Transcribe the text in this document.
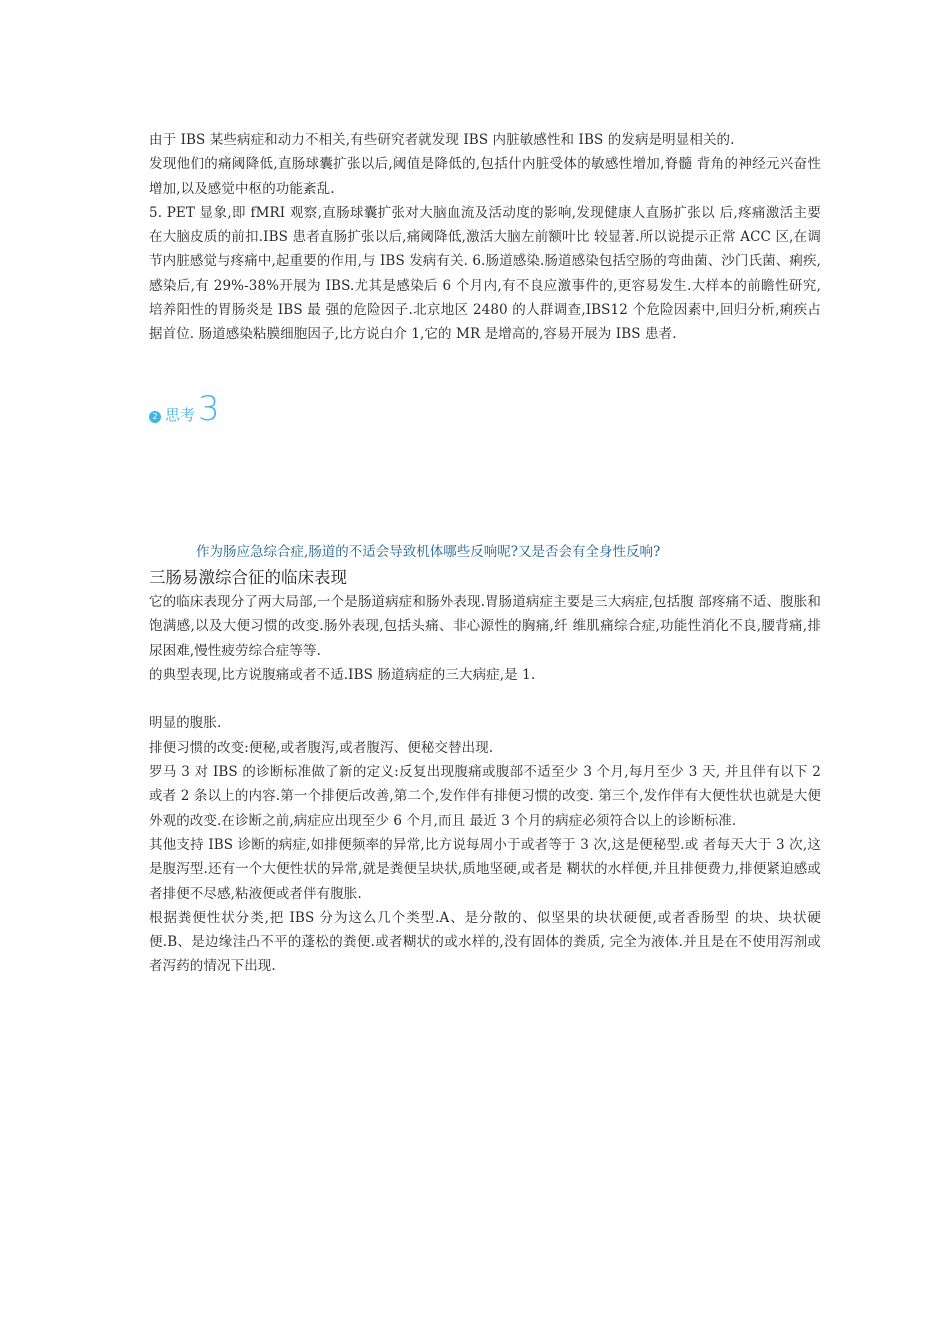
由于 IBS 某些病症和动力不相关,有些研究者就发现 IBS 内脏敏感性和 IBS 的发病是明显相关的.

发现他们的痛阈降低,直肠球囊扩张以后,阈值是降低的,包括什内脏受体的敏感性增加,脊髓 背角的神经元兴奋性增加,以及感觉中枢的功能紊乱.

5. PET 显象,即 fMRI 观察,直肠球囊扩张对大脑血流及活动度的影响,发现健康人直肠扩张以 后,疼痛激活主要在大脑皮质的前扣.IBS 患者直肠扩张以后,痛阈降低,激活大脑左前额叶比 较显著.所以说提示正常 ACC 区,在调节内脏感觉与疼痛中,起重要的作用,与 IBS 发病有关. 6.肠道感染.肠道感染包括空肠的弯曲菌、沙门氏菌、痢疾,感染后,有 29%-38%开展为 IBS.尤其是感染后 6 个月内,有不良应激事件的,更容易发生.大样本的前瞻性研究,培养阳性的胃肠炎是 IBS 最 强的危险因子.北京地区 2480 的人群调查,IBS12 个危险因素中,回归分析,痢疾占据首位. 肠道感染粘膜细胞因子,比方说白介 1,它的 MR 是增高的,容易开展为 IBS 患者.

2 思考 3
作为肠应急综合症,肠道的不适会导致机体哪些反响呢?又是否会有全身性反响?
三肠易激综合征的临床表现

它的临床表现分了两大局部,一个是肠道病症和肠外表现.胃肠道病症主要是三大病症,包括腹 部疼痛不适、腹胀和饱满感,以及大便习惯的改变.肠外表现,包括头痛、非心源性的胸痛,纤 维肌痛综合症,功能性消化不良,腰背痛,排尿困难,慢性疲劳综合症等等.

的典型表现,比方说腹痛或者不适.IBS 肠道病症的三大病症,是 1.

明显的腹胀.

排便习惯的改变:便秘,或者腹泻,或者腹泻、便秘交替出现.

罗马 3 对 IBS 的诊断标准做了新的定义:反复出现腹痛或腹部不适至少 3 个月,每月至少 3 天, 并且伴有以下 2 或者 2 条以上的内容.第一个排便后改善,第二个,发作伴有排便习惯的改变. 第三个,发作伴有大便性状也就是大便外观的改变.在诊断之前,病症应出现至少 6 个月,而且 最近 3 个月的病症必须符合以上的诊断标准.

其他支持 IBS 诊断的病症,如排便频率的异常,比方说每周小于或者等于 3 次,这是便秘型.或 者每天大于 3 次,这是腹泻型.还有一个大便性状的异常,就是粪便呈块状,质地坚硬,或者是 糊状的水样便,并且排便费力,排便紧迫感或者排便不尽感,粘液便或者伴有腹胀.

根据粪便性状分类,把 IBS 分为这么几个类型.A、是分散的、似坚果的块状硬便,或者香肠型 的块、块状硬便.B、是边缘洼凸不平的蓬松的粪便.或者糊状的或水样的,没有固体的粪质, 完全为液体.并且是在不使用泻剂或者泻药的情况下出现.
